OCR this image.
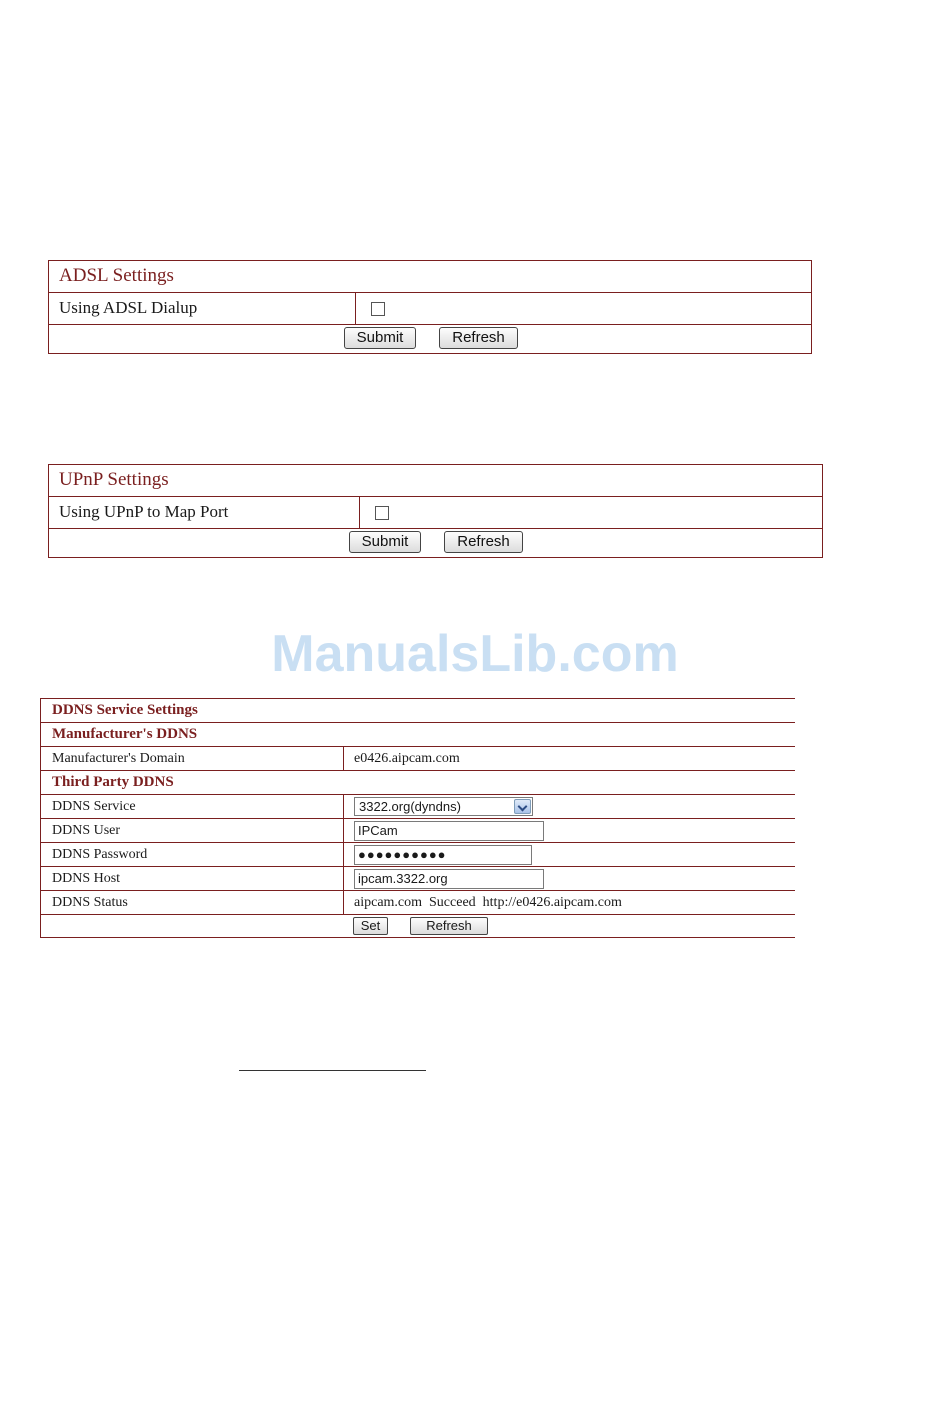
ADSL Settings
Using ADSL Dialup
Submit	Refresh
UPnP Settings
Using UPnP to Map Port
Submit	Refresh
ManualsLib.com
DDNS Service Settings
Manufacturer's DDNS
Manufacturer's Domain	e0426.aipcam.com
Third Party DDNS
DDNS Service	3322.org(dyndns)
DDNS User	IPCam
DDNS Password	●●●●●●●●●●
DDNS Host	ipcam.3322.org
DDNS Status	aipcam.com  Succeed  http://e0426.aipcam.com
Set	Refresh
